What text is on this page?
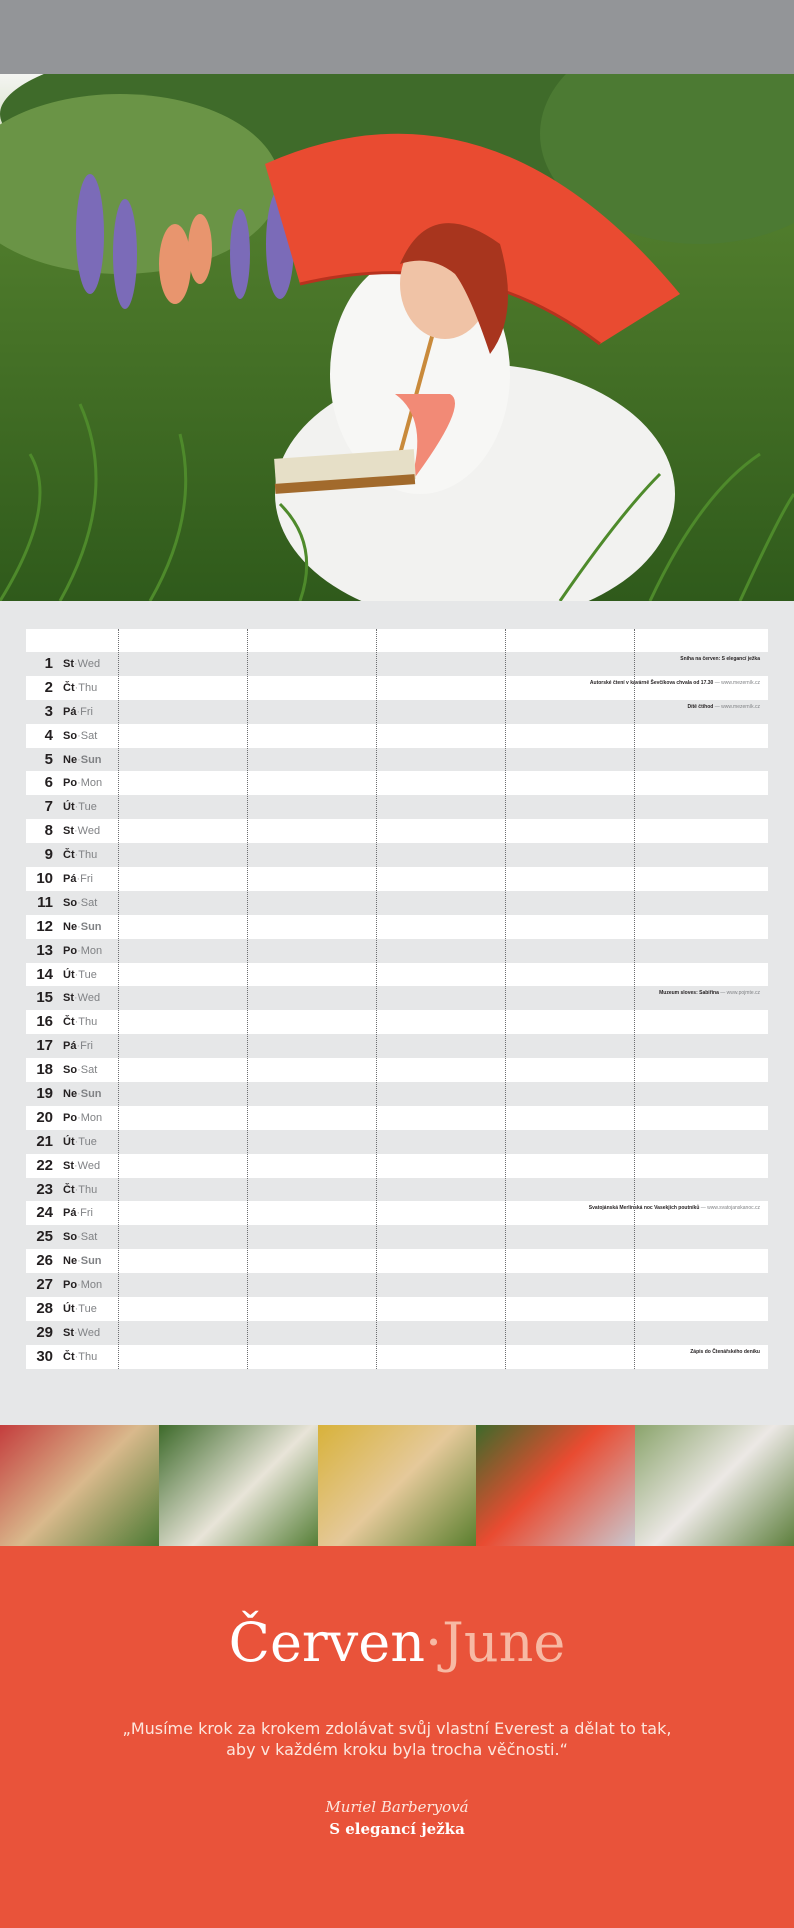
1 St·Wed	Sniha na červen: S elegancí ježka
2 Čt·Thu	Autorské čtení v kavárně Ševčíkova chvala od 17.30 — www.mezerník.cz
3 Pá·Fri	Dítě čtihod — www.mezerník.cz
4 So·Sat
5 Ne·Sun
6 Po·Mon
7 Út·Tue
8 St·Wed
9 Čt·Thu
10 Pá·Fri
11 So·Sat
12 Ne·Sun
13 Po·Mon
14 Út·Tue
15 St·Wed	Muzeum sloves: Sabiřina — www.pojmte.cz
16 Čt·Thu
17 Pá·Fri
18 So·Sat
19 Ne·Sun
20 Po·Mon
21 Út·Tue
22 St·Wed
23 Čt·Thu
24 Pá·Fri	Svatojánská Merlínská noc Vasekjích poutníků — www.svatojanskanoc.cz
25 So·Sat
26 Ne·Sun
27 Po·Mon
28 Út·Tue
29 St·Wed
30 Čt·Thu	Zápis do Čtenářského deníku
Červen·June
„Musíme krok za krokem zdolávat svůj vlastní Everest a dělat to tak,
aby v každém kroku byla trocha věčnosti.“
Muriel Barberyová
S elegancí ježka
